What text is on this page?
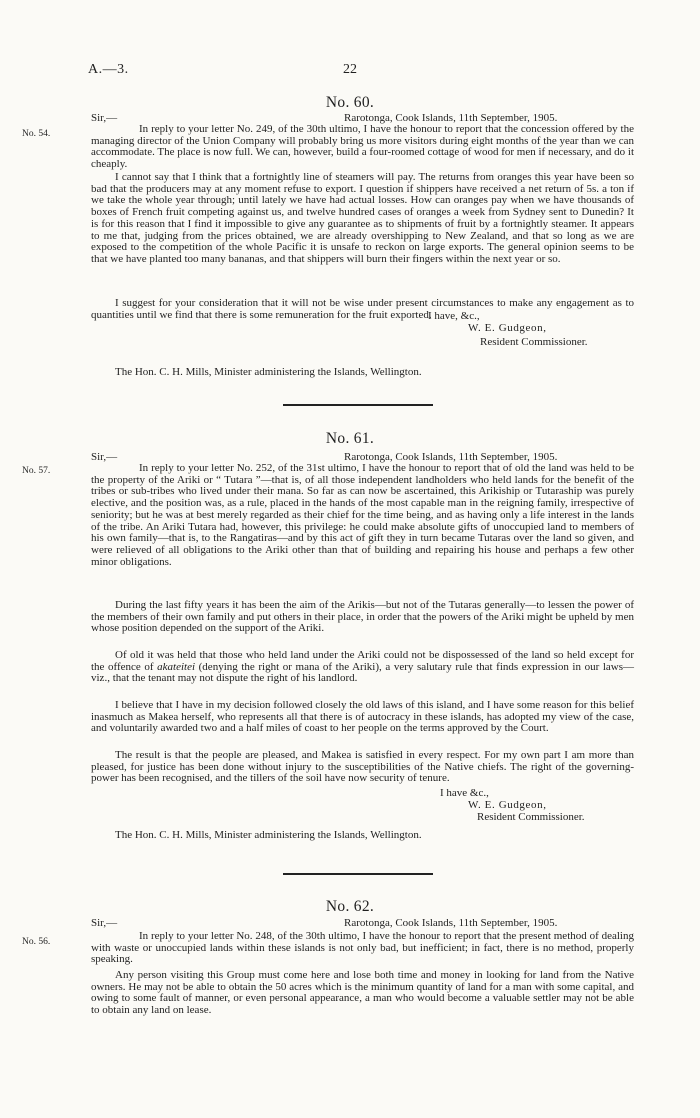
A.—3.	22
No. 60.
No. 54.
Sir,—	Rarotonga, Cook Islands, 11th September, 1905.

In reply to your letter No. 249, of the 30th ultimo, I have the honour to report that the concession offered by the managing director of the Union Company will probably bring us more visitors during eight months of the year than we can accommodate. The place is now full. We can, however, build a four-roomed cottage of wood for men if necessary, and do it cheaply.

I cannot say that I think that a fortnightly line of steamers will pay. The returns from oranges this year have been so bad that the producers may at any moment refuse to export. I question if shippers have received a net return of 5s. a ton if we take the whole year through; until lately we have had actual losses. How can oranges pay when we have thousands of boxes of French fruit competing against us, and twelve hundred cases of oranges a week from Sydney sent to Dunedin? It is for this reason that I find it impossible to give any guarantee as to shipments of fruit by a fortnightly steamer. It appears to me that, judging from the prices obtained, we are already overshipping to New Zealand, and that so long as we are exposed to the competition of the whole Pacific it is unsafe to reckon on large exports. The general opinion seems to be that we have planted too many bananas, and that shippers will burn their fingers within the next year or so.

I suggest for your consideration that it will not be wise under present circumstances to make any engagement as to quantities until we find that there is some remuneration for the fruit exported.

I have, &c.,
W. E. Gudgeon,
Resident Commissioner.
The Hon. C. H. Mills, Minister administering the Islands, Wellington.
No. 61.
No. 57.
Sir,—	Rarotonga, Cook Islands, 11th September, 1905.

In reply to your letter No. 252, of the 31st ultimo, I have the honour to report that of old the land was held to be the property of the Ariki or “ Tutara ”—that is, of all those independent landholders who held lands for the benefit of the tribes or sub-tribes who lived under their mana. So far as can now be ascertained, this Arikiship or Tutaraship was purely elective, and the position was, as a rule, placed in the hands of the most capable man in the reigning family, irrespective of seniority; but he was at best merely regarded as their chief for the time being, and as having only a life interest in the lands of the tribe. An Ariki Tutara had, however, this privilege: he could make absolute gifts of unoccupied land to members of his own family—that is, to the Rangatiras—and by this act of gift they in turn became Tutaras over the land so given, and were relieved of all obligations to the Ariki other than that of building and repairing his house and perhaps a few other minor obligations.

During the last fifty years it has been the aim of the Arikis—but not of the Tutaras generally—to lessen the power of the members of their own family and put others in their place, in order that the powers of the Ariki might be upheld by men whose position depended on the support of the Ariki.

Of old it was held that those who held land under the Ariki could not be dispossessed of the land so held except for the offence of akateitei (denying the right or mana of the Ariki), a very salutary rule that finds expression in our laws—viz., that the tenant may not dispute the right of his landlord.

I believe that I have in my decision followed closely the old laws of this island, and I have some reason for this belief inasmuch as Makea herself, who represents all that there is of autocracy in these islands, has adopted my view of the case, and voluntarily awarded two and a half miles of coast to her people on the terms approved by the Court.

The result is that the people are pleased, and Makea is satisfied in every respect. For my own part I am more than pleased, for justice has been done without injury to the susceptibilities of the Native chiefs. The right of the governing-power has been recognised, and the tillers of the soil have now security of tenure.

I have &c.,
W. E. Gudgeon,
Resident Commissioner.
The Hon. C. H. Mills, Minister administering the Islands, Wellington.
No. 62.
No. 56.
Sir,—	Rarotonga, Cook Islands, 11th September, 1905.

In reply to your letter No. 248, of the 30th ultimo, I have the honour to report that the present method of dealing with waste or unoccupied lands within these islands is not only bad, but inefficient; in fact, there is no method, properly speaking.

Any person visiting this Group must come here and lose both time and money in looking for land from the Native owners. He may not be able to obtain the 50 acres which is the minimum quantity of land for a man with some capital, and owing to some fault of manner, or even personal appearance, a man who would become a valuable settler may not be able to obtain any land on lease.
